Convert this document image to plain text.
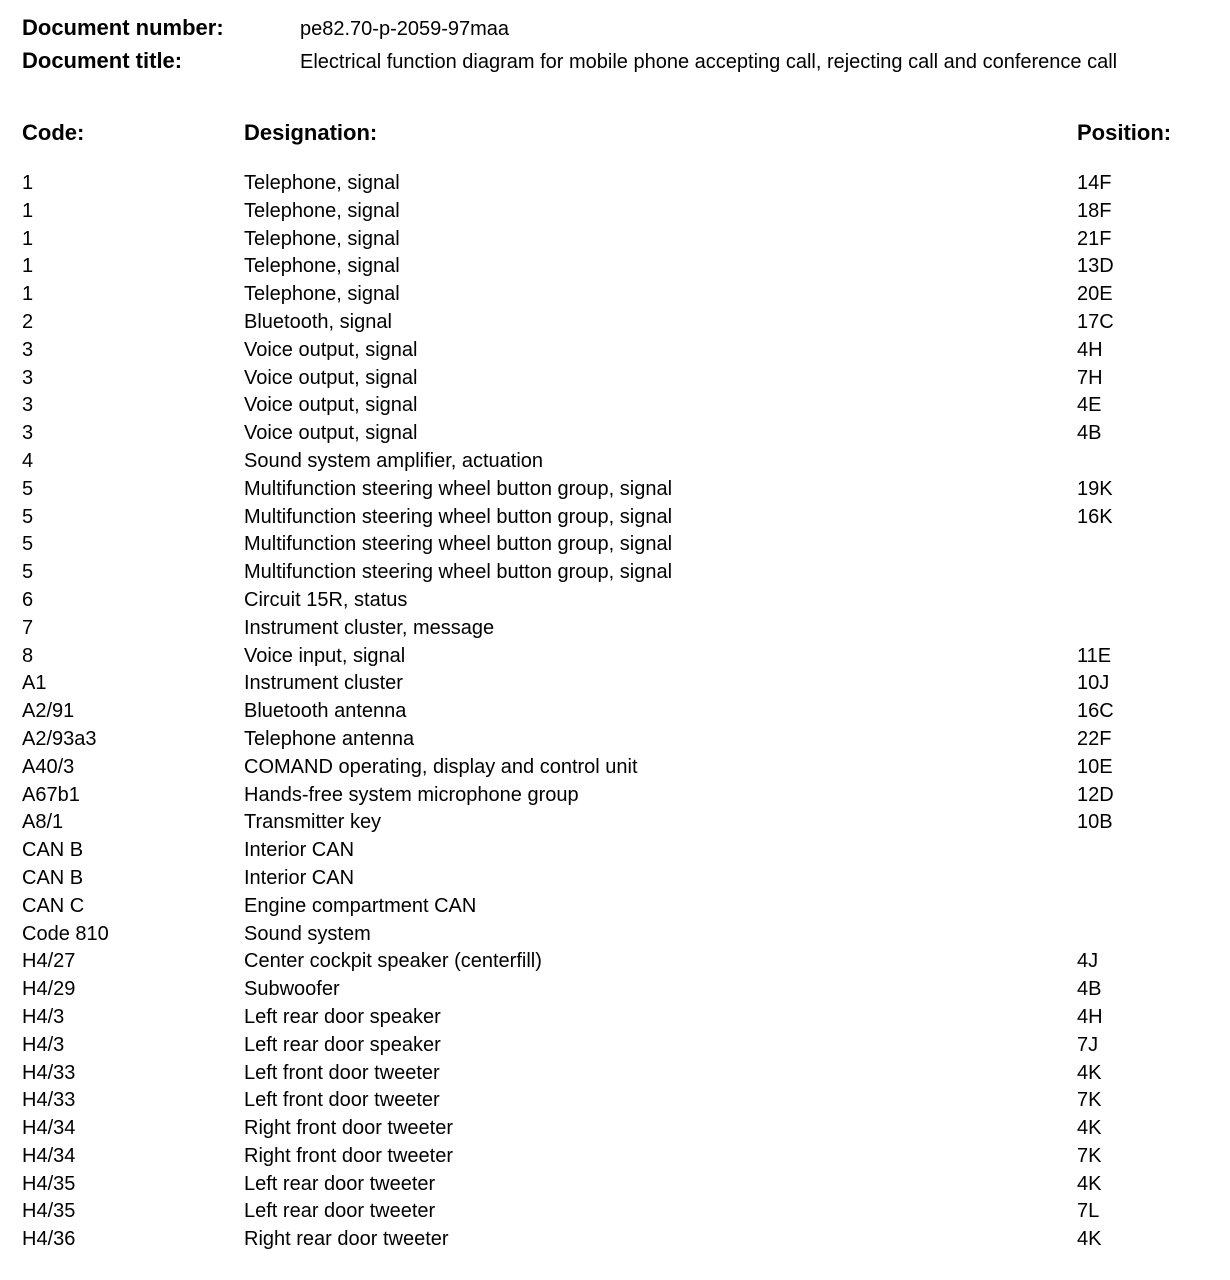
Document number:	pe82.70-p-2059-97maa
Document title:	Electrical function diagram for mobile phone accepting call, rejecting call and conference call
Code:	Designation:	Position:
1	Telephone, signal	14F
1	Telephone, signal	18F
1	Telephone, signal	21F
1	Telephone, signal	13D
1	Telephone, signal	20E
2	Bluetooth, signal	17C
3	Voice output, signal	4H
3	Voice output, signal	7H
3	Voice output, signal	4E
3	Voice output, signal	4B
4	Sound system amplifier, actuation
5	Multifunction steering wheel button group, signal	19K
5	Multifunction steering wheel button group, signal	16K
5	Multifunction steering wheel button group, signal
5	Multifunction steering wheel button group, signal
6	Circuit 15R, status
7	Instrument cluster, message
8	Voice input, signal	11E
A1	Instrument cluster	10J
A2/91	Bluetooth antenna	16C
A2/93a3	Telephone antenna	22F
A40/3	COMAND operating, display and control unit	10E
A67b1	Hands-free system microphone group	12D
A8/1	Transmitter key	10B
CAN B	Interior CAN
CAN B	Interior CAN
CAN C	Engine compartment CAN
Code 810	Sound system
H4/27	Center cockpit speaker (centerfill)	4J
H4/29	Subwoofer	4B
H4/3	Left rear door speaker	4H
H4/3	Left rear door speaker	7J
H4/33	Left front door tweeter	4K
H4/33	Left front door tweeter	7K
H4/34	Right front door tweeter	4K
H4/34	Right front door tweeter	7K
H4/35	Left rear door tweeter	4K
H4/35	Left rear door tweeter	7L
H4/36	Right rear door tweeter	4K
